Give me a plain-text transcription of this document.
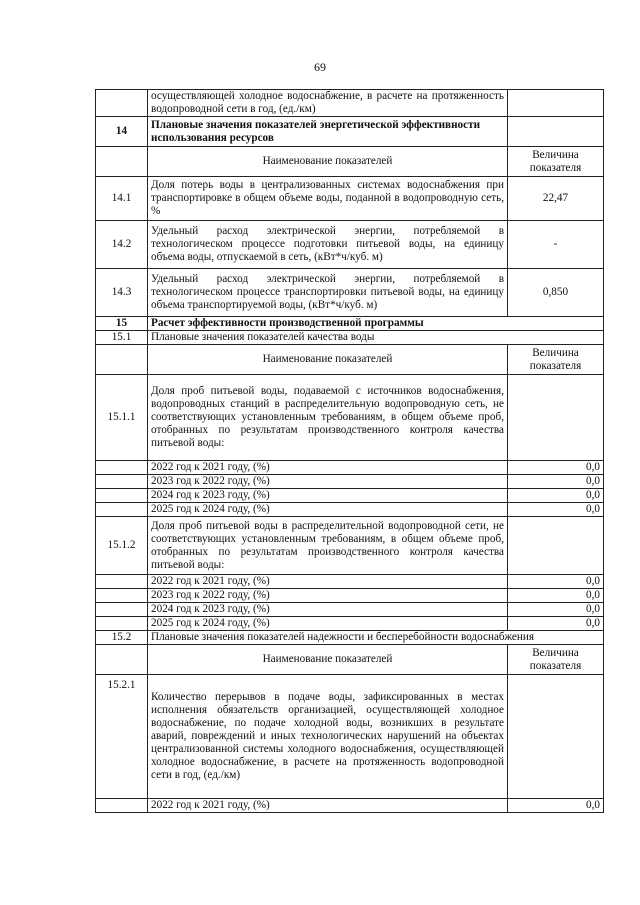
69
	осуществляющей холодное водоснабжение, в расчете на протяженность водопроводной сети в год, (ед./км)	
14	Плановые значения показателей энергетической эффективности использования ресурсов	
	Наименование показателей	Величина показателя
14.1	Доля потерь воды в централизованных системах водоснабжения при транспортировке в общем объеме воды, поданной в водопроводную сеть, %	22,47
14.2	Удельный расход электрической энергии, потребляемой в технологическом процессе подготовки питьевой воды, на единицу объема воды, отпускаемой в сеть, (кВт*ч/куб. м)	-
14.3	Удельный расход электрической энергии, потребляемой в технологическом процессе транспортировки питьевой воды, на единицу объема транспортируемой воды, (кВт*ч/куб. м)	0,850
15	Расчет эффективности производственной программы	
15.1	Плановые значения показателей качества воды	
	Наименование показателей	Величина показателя
15.1.1	Доля проб питьевой воды, подаваемой с источников водоснабжения, водопроводных станций в распределительную водопроводную сеть, не соответствующих установленным требованиям, в общем объеме проб, отобранных по результатам производственного контроля качества питьевой воды:	
	2022 год к 2021 году, (%)	0,0
	2023 год к 2022 году, (%)	0,0
	2024 год к 2023 году, (%)	0,0
	2025 год к 2024 году, (%)	0,0
15.1.2	Доля проб питьевой воды в распределительной водопроводной сети, не соответствующих установленным требованиям, в общем объеме проб, отобранных по результатам производственного контроля качества питьевой воды:	
	2022 год к 2021 году, (%)	0,0
	2023 год к 2022 году, (%)	0,0
	2024 год к 2023 году, (%)	0,0
	2025 год к 2024 году, (%)	0,0
15.2	Плановые значения показателей надежности и бесперебойности водоснабжения	
	Наименование показателей	Величина показателя
15.2.1	Количество перерывов в подаче воды, зафиксированных в местах исполнения обязательств организацией, осуществляющей холодное водоснабжение, по подаче холодной воды, возникших в результате аварий, повреждений и иных технологических нарушений на объектах централизованной системы холодного водоснабжения, осуществляющей холодное водоснабжение, в расчете на протяженность водопроводной сети в год, (ед./км)	
	2022 год к 2021 году, (%)	0,0
